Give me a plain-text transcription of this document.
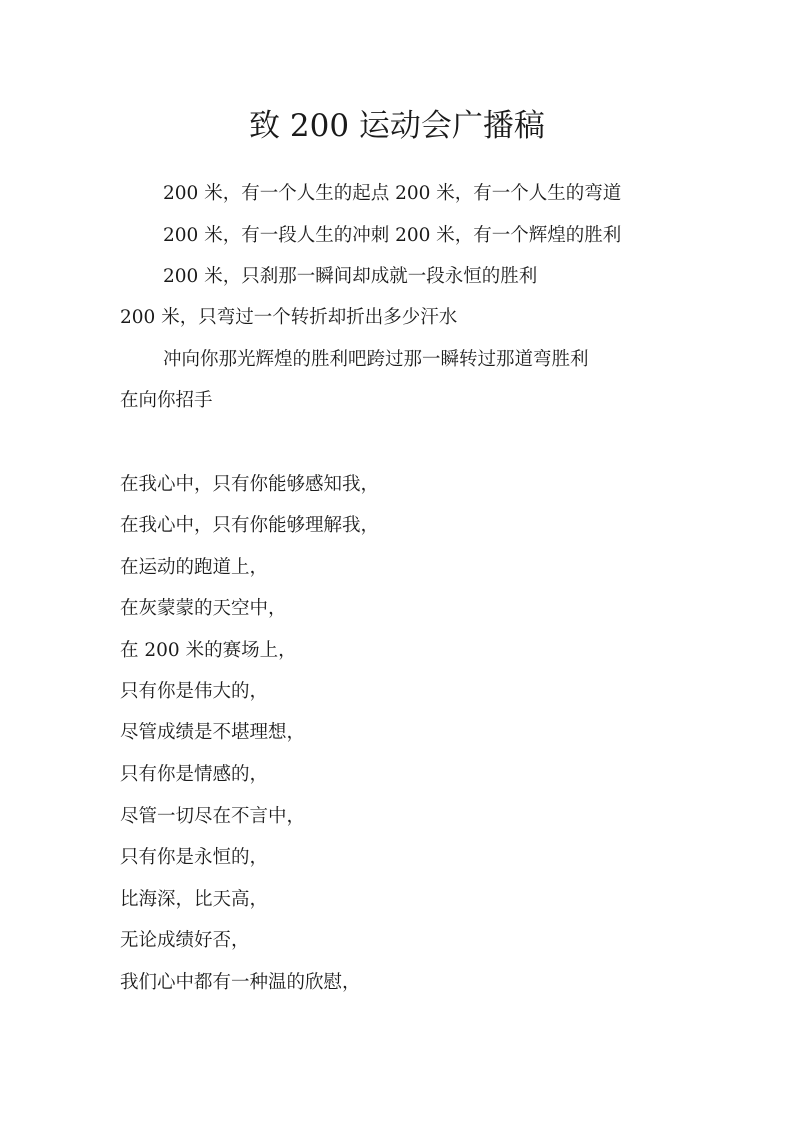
致 200 运动会广播稿
200 米，有一个人生的起点 200 米，有一个人生的弯道
200 米，有一段人生的冲刺 200 米，有一个辉煌的胜利
200 米，只刹那一瞬间却成就一段永恒的胜利
200 米，只弯过一个转折却折出多少汗水
冲向你那光辉煌的胜利吧跨过那一瞬转过那道弯胜利
在向你招手
在我心中，只有你能够感知我，
在我心中，只有你能够理解我，
在运动的跑道上，
在灰蒙蒙的天空中，
在 200 米的赛场上，
只有你是伟大的，
尽管成绩是不堪理想，
只有你是情感的，
尽管一切尽在不言中，
只有你是永恒的，
比海深，比天高，
无论成绩好否，
我们心中都有一种温的欣慰，
